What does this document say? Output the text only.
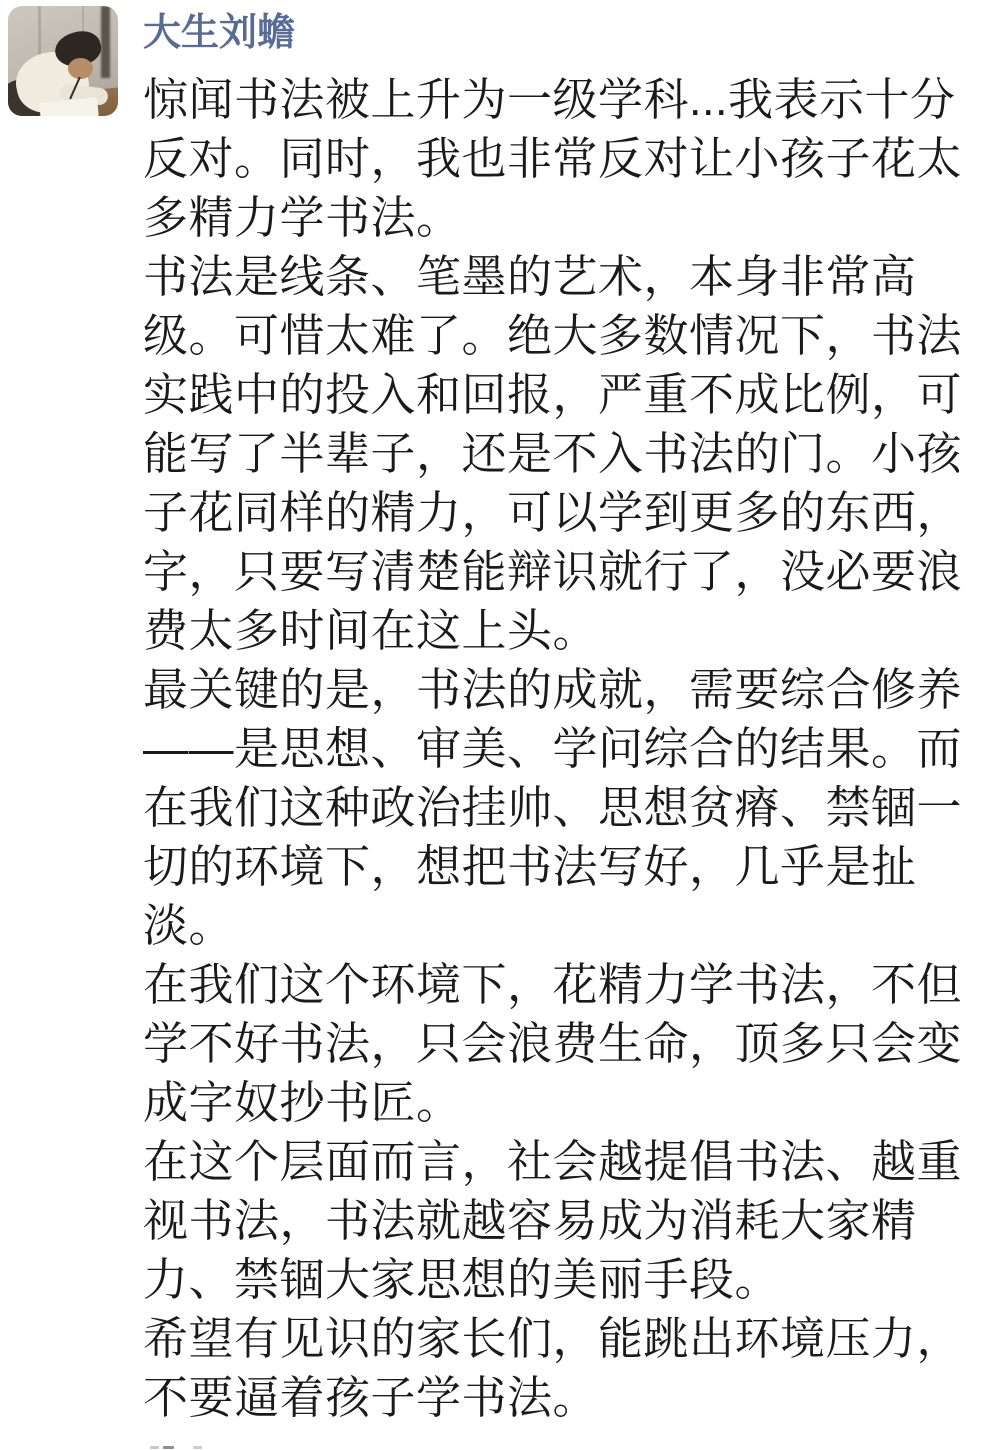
大生刘蟾
惊闻书法被上升为一级学科...我表示十分
反对。同时，我也非常反对让小孩子花太
多精力学书法。
书法是线条、笔墨的艺术，本身非常高
级。可惜太难了。绝大多数情况下，书法
实践中的投入和回报，严重不成比例，可
能写了半辈子，还是不入书法的门。小孩
子花同样的精力，可以学到更多的东西，
字，只要写清楚能辩识就行了，没必要浪
费太多时间在这上头。
最关键的是，书法的成就，需要综合修养
——是思想、审美、学问综合的结果。而
在我们这种政治挂帅、思想贫瘠、禁锢一
切的环境下，想把书法写好，几乎是扯
淡。
在我们这个环境下，花精力学书法，不但
学不好书法，只会浪费生命，顶多只会变
成字奴抄书匠。
在这个层面而言，社会越提倡书法、越重
视书法，书法就越容易成为消耗大家精
力、禁锢大家思想的美丽手段。
希望有见识的家长们，能跳出环境压力，
不要逼着孩子学书法。
